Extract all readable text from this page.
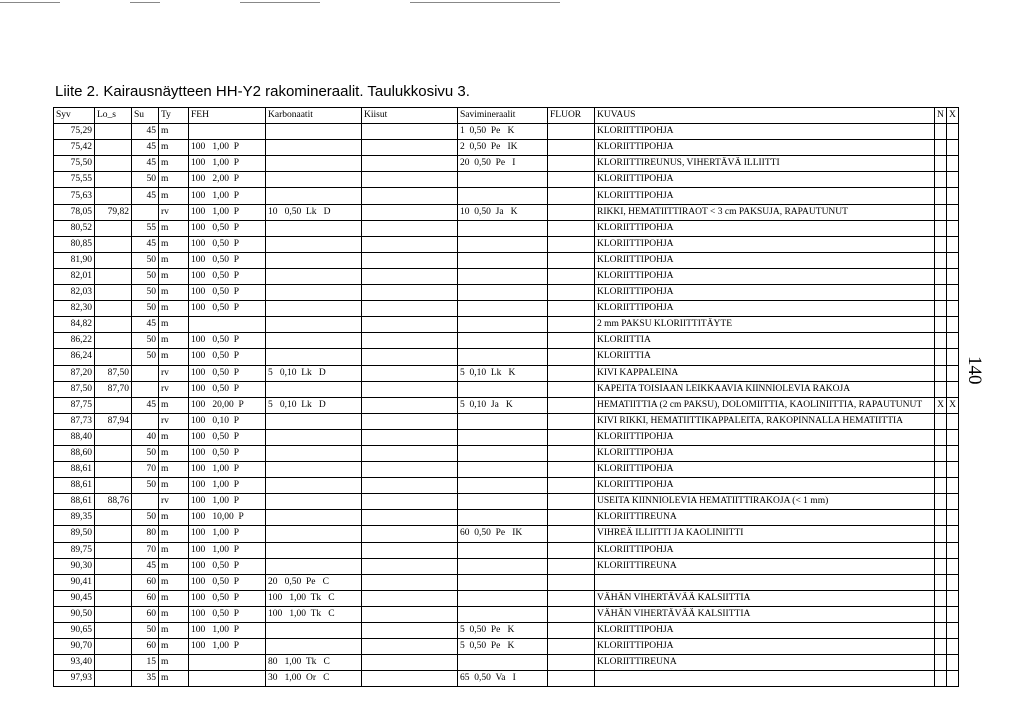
Liite 2. Kairausnäytteen HH-Y2 rakomineraalit. Taulukkosivu 3.
140
Syv	Lo_s	Su	Ty	FEH	Karbonaatit	Kiisut	Savimineraalit	FLUOR	KUVAUS	N	X
75,29		45	m				1  0,50  Pe   K		KLORIITTIPOHJA		
75,42		45	m	100   1,00  P			2  0,50  Pe   IK		KLORIITTIPOHJA		
75,50		45	m	100   1,00  P			20  0,50  Pe   I		KLORIITTIREUNUS, VIHERTÄVÄ ILLIITTI		
75,55		50	m	100   2,00  P					KLORIITTIPOHJA		
75,63		45	m	100   1,00  P					KLORIITTIPOHJA		
78,05	79,82		rv	100   1,00  P	10   0,50  Lk   D		10  0,50  Ja   K		RIKKI, HEMATIITTIRAOT < 3 cm PAKSUJA, RAPAUTUNUT		
80,52		55	m	100   0,50  P					KLORIITTIPOHJA		
80,85		45	m	100   0,50  P					KLORIITTIPOHJA		
81,90		50	m	100   0,50  P					KLORIITTIPOHJA		
82,01		50	m	100   0,50  P					KLORIITTIPOHJA		
82,03		50	m	100   0,50  P					KLORIITTIPOHJA		
82,30		50	m	100   0,50  P					KLORIITTIPOHJA		
84,82		45	m						2 mm PAKSU KLORIITTITÄYTE		
86,22		50	m	100   0,50  P					KLORIITTIA		
86,24		50	m	100   0,50  P					KLORIITTIA		
87,20	87,50		rv	100   0,50  P	5   0,10  Lk   D		5  0,10  Lk   K		KIVI KAPPALEINA		
87,50	87,70		rv	100   0,50  P					KAPEITA TOISIAAN LEIKKAAVIA KIINNIOLEVIA RAKOJA		
87,75		45	m	100   20,00  P	5   0,10  Lk   D		5  0,10  Ja   K		HEMATIITTIA (2 cm PAKSU), DOLOMIITTIA, KAOLINIITTIA, RAPAUTUNUT	X	X
87,73	87,94		rv	100   0,10  P					KIVI RIKKI, HEMATIITTIKAPPALEITA, RAKOPINNALLA HEMATIITTIA		
88,40		40	m	100   0,50  P					KLORIITTIPOHJA		
88,60		50	m	100   0,50  P					KLORIITTIPOHJA		
88,61		70	m	100   1,00  P					KLORIITTIPOHJA		
88,61		50	m	100   1,00  P					KLORIITTIPOHJA		
88,61	88,76		rv	100   1,00  P					USEITA KIINNIOLEVIA HEMATIITTIRAKOJA (< 1 mm)		
89,35		50	m	100   10,00  P					KLORIITTIREUNA		
89,50		80	m	100   1,00  P			60  0,50  Pe   IK		VIHREÄ ILLIITTI JA KAOLINIITTI		
89,75		70	m	100   1,00  P					KLORIITTIPOHJA		
90,30		45	m	100   0,50  P					KLORIITTIREUNA		
90,41		60	m	100   0,50  P	20   0,50  Pe   C						
90,45		60	m	100   0,50  P	100   1,00  Tk   C				VÄHÄN VIHERTÄVÄÄ KALSIITTIA		
90,50		60	m	100   0,50  P	100   1,00  Tk   C				VÄHÄN VIHERTÄVÄÄ KALSIITTIA		
90,65		50	m	100   1,00  P			5  0,50  Pe   K		KLORIITTIPOHJA		
90,70		60	m	100   1,00  P			5  0,50  Pe   K		KLORIITTIPOHJA		
93,40		15	m		80   1,00  Tk   C				KLORIITTIREUNA		
97,93		35	m		30   1,00  Or   C		65  0,50  Va   I				
